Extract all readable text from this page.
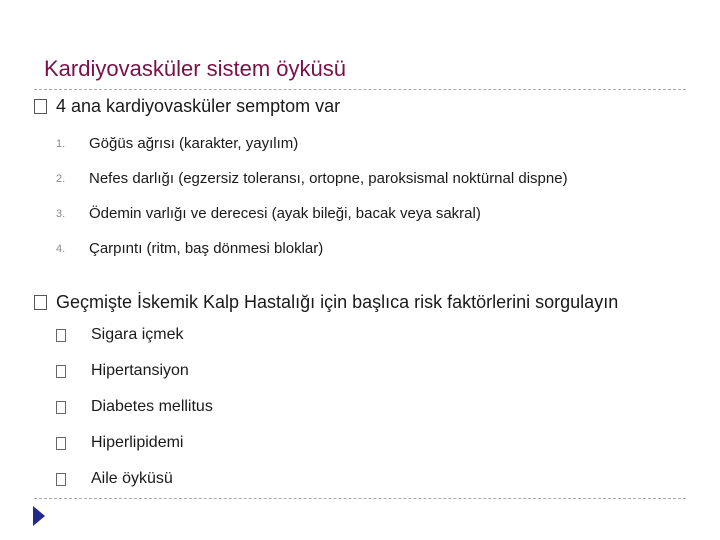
Kardiyovasküler sistem öyküsü
4 ana kardiyovasküler semptom var
1.	Göğüs ağrısı (karakter, yayılım)
2.	Nefes darlığı (egzersiz toleransı, ortopne, paroksismal noktürnal dispne)
3.	Ödemin varlığı ve derecesi (ayak bileği, bacak veya sakral)
4.	Çarpıntı (ritm, baş dönmesi bloklar)
Geçmişte İskemik Kalp Hastalığı için başlıca risk faktörlerini sorgulayın
Sigara içmek
Hipertansiyon
Diabetes mellitus
Hiperlipidemi
Aile öyküsü
